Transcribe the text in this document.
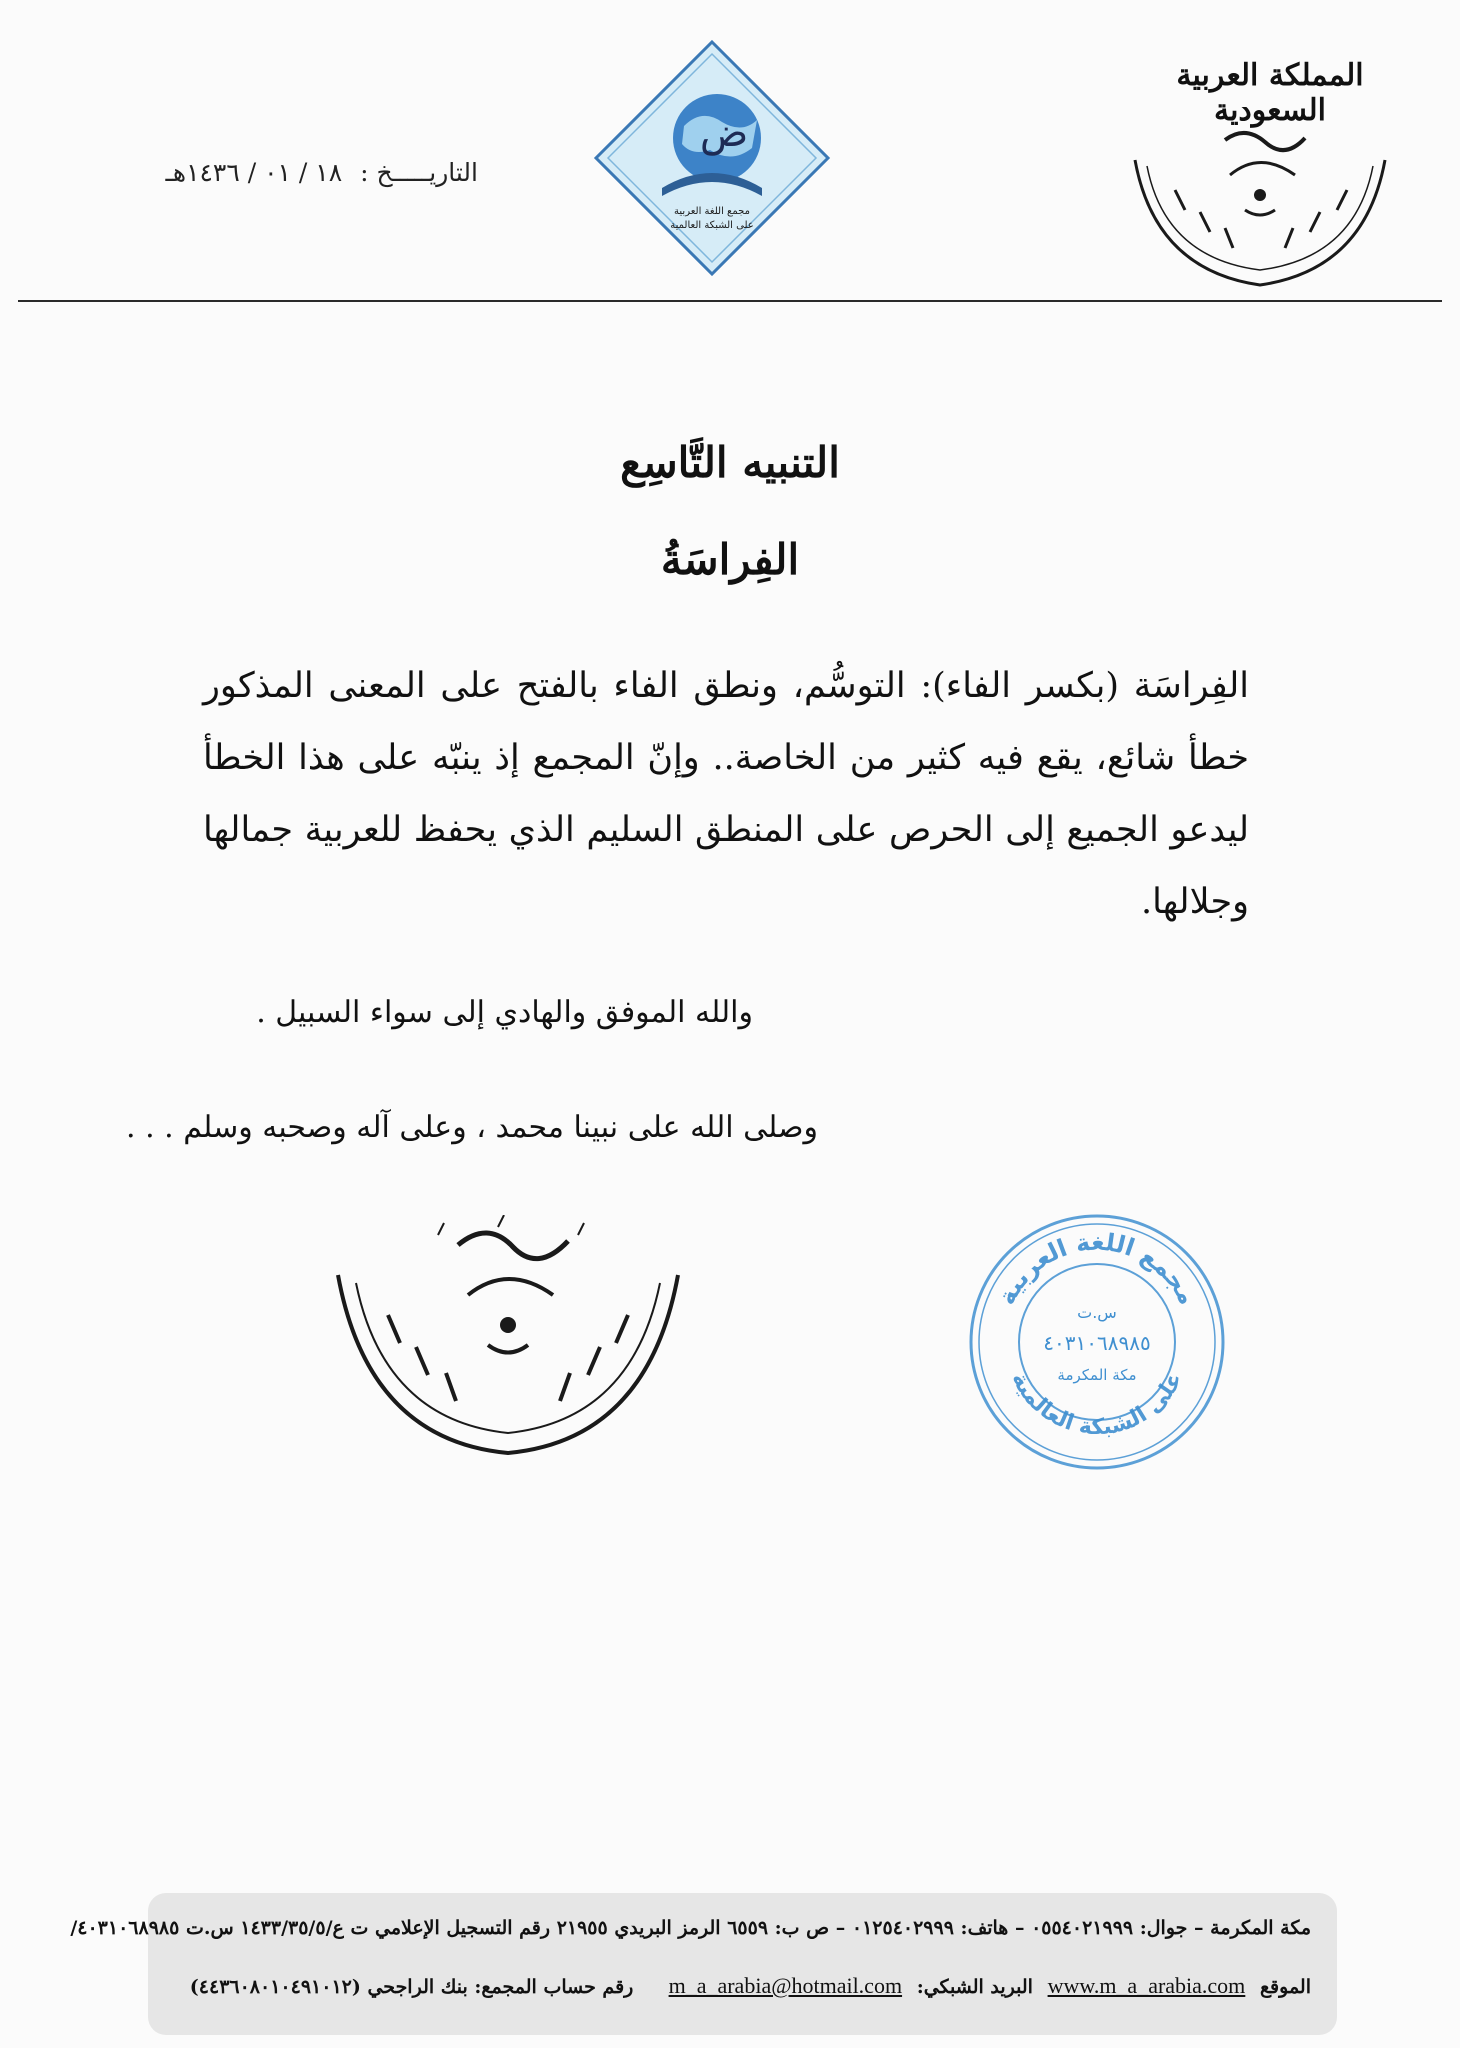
المملكة العربية السعودية
ض
مجمع اللغة العربية
على الشبكة العالمية
التاريـــــخ : ١٨ / ٠١ / ١٤٣٦هـ
التنبيه التَّاسِع
الفِراسَةُ
الفِراسَة (بكسر الفاء): التوسُّم، ونطق الفاء بالفتح على المعنى المذكور خطأ شائع، يقع فيه كثير من الخاصة.. وإنّ المجمع إذ ينبّه على هذا الخطأ ليدعو الجميع إلى الحرص على المنطق السليم الذي يحفظ للعربية جمالها وجلالها.
والله الموفق والهادي إلى سواء السبيل .
وصلى الله على نبينا محمد ، وعلى آله وصحبه وسلم . . .
مجمع اللغة العربية
على الشبكة العالمية
س.ت
٤٠٣١٠٦٨٩٨٥
مكة المكرمة
مكة المكرمة – جوال: ٠٥٥٤٠٢١٩٩٩ – هاتف: ٠١٢٥٤٠٢٩٩٩ – ص ب: ٦٥٥٩ الرمز البريدي ٢١٩٥٥ رقم التسجيل الإعلامي ت ع/١٤٣٣/٣٥/٥ س.ت ٤٠٣١٠٦٨٩٨٥/
الموقع www.m_a_arabia.com البريد الشبكي: m_a_arabia@hotmail.com  رقم حساب المجمع: بنك الراجحي (٤٤٣٦٠٨٠١٠٤٩١٠١٢)
